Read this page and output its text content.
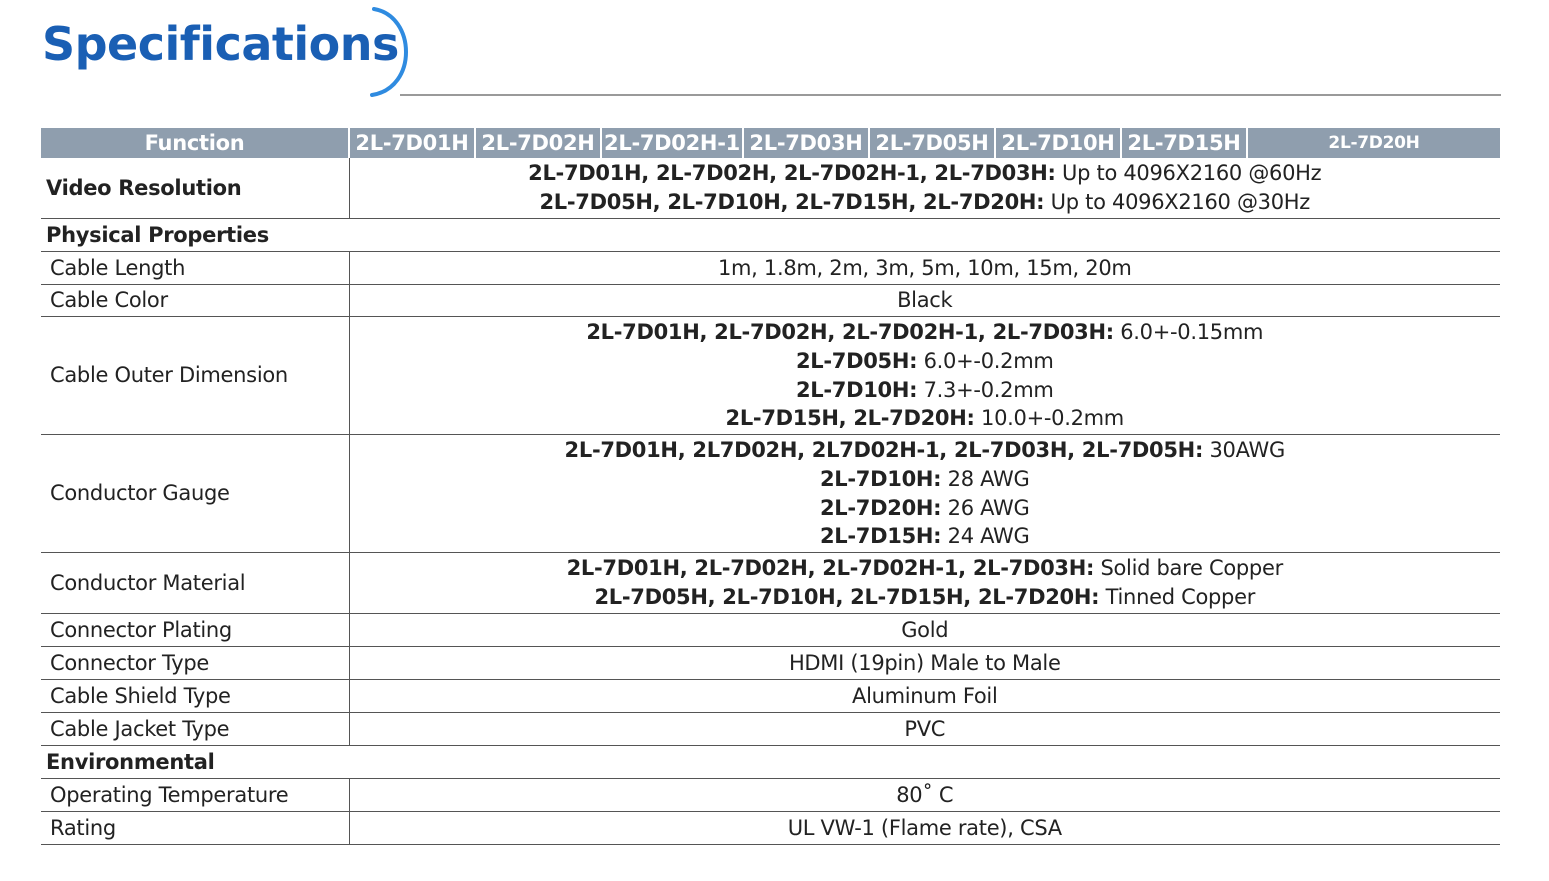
Specifications
Function	2L-7D01H	2L-7D02H	2L-7D02H-1	2L-7D03H	2L-7D05H	2L-7D10H	2L-7D15H	2L-7D20H
Video Resolution	2L-7D01H, 2L-7D02H, 2L-7D02H-1, 2L-7D03H: Up to 4096X2160 @60Hz
2L-7D05H, 2L-7D10H, 2L-7D15H, 2L-7D20H: Up to 4096X2160 @30Hz							

Physical Properties								
Cable Length	1m, 1.8m, 2m, 3m, 5m, 10m, 15m, 20m							
Cable Color	Black							
Cable Outer Dimension	2L-7D01H, 2L-7D02H, 2L-7D02H-1, 2L-7D03H: 6.0+-0.15mm
2L-7D05H: 6.0+-0.2mm
2L-7D10H: 7.3+-0.2mm
2L-7D15H, 2L-7D20H: 10.0+-0.2mm							

Conductor Gauge	2L-7D01H, 2L7D02H, 2L7D02H-1, 2L-7D03H, 2L-7D05H: 30AWG
2L-7D10H: 28 AWG
2L-7D20H: 26 AWG
2L-7D15H: 24 AWG							

Conductor Material	2L-7D01H, 2L-7D02H, 2L-7D02H-1, 2L-7D03H: Solid bare Copper
2L-7D05H, 2L-7D10H, 2L-7D15H, 2L-7D20H: Tinned Copper							

Connector Plating	Gold							
Connector Type	HDMI (19pin) Male to Male							
Cable Shield Type	Aluminum Foil							
Cable Jacket Type	PVC							
Environmental								
Operating Temperature	80˚ C							
Rating	UL VW-1 (Flame rate), CSA							
